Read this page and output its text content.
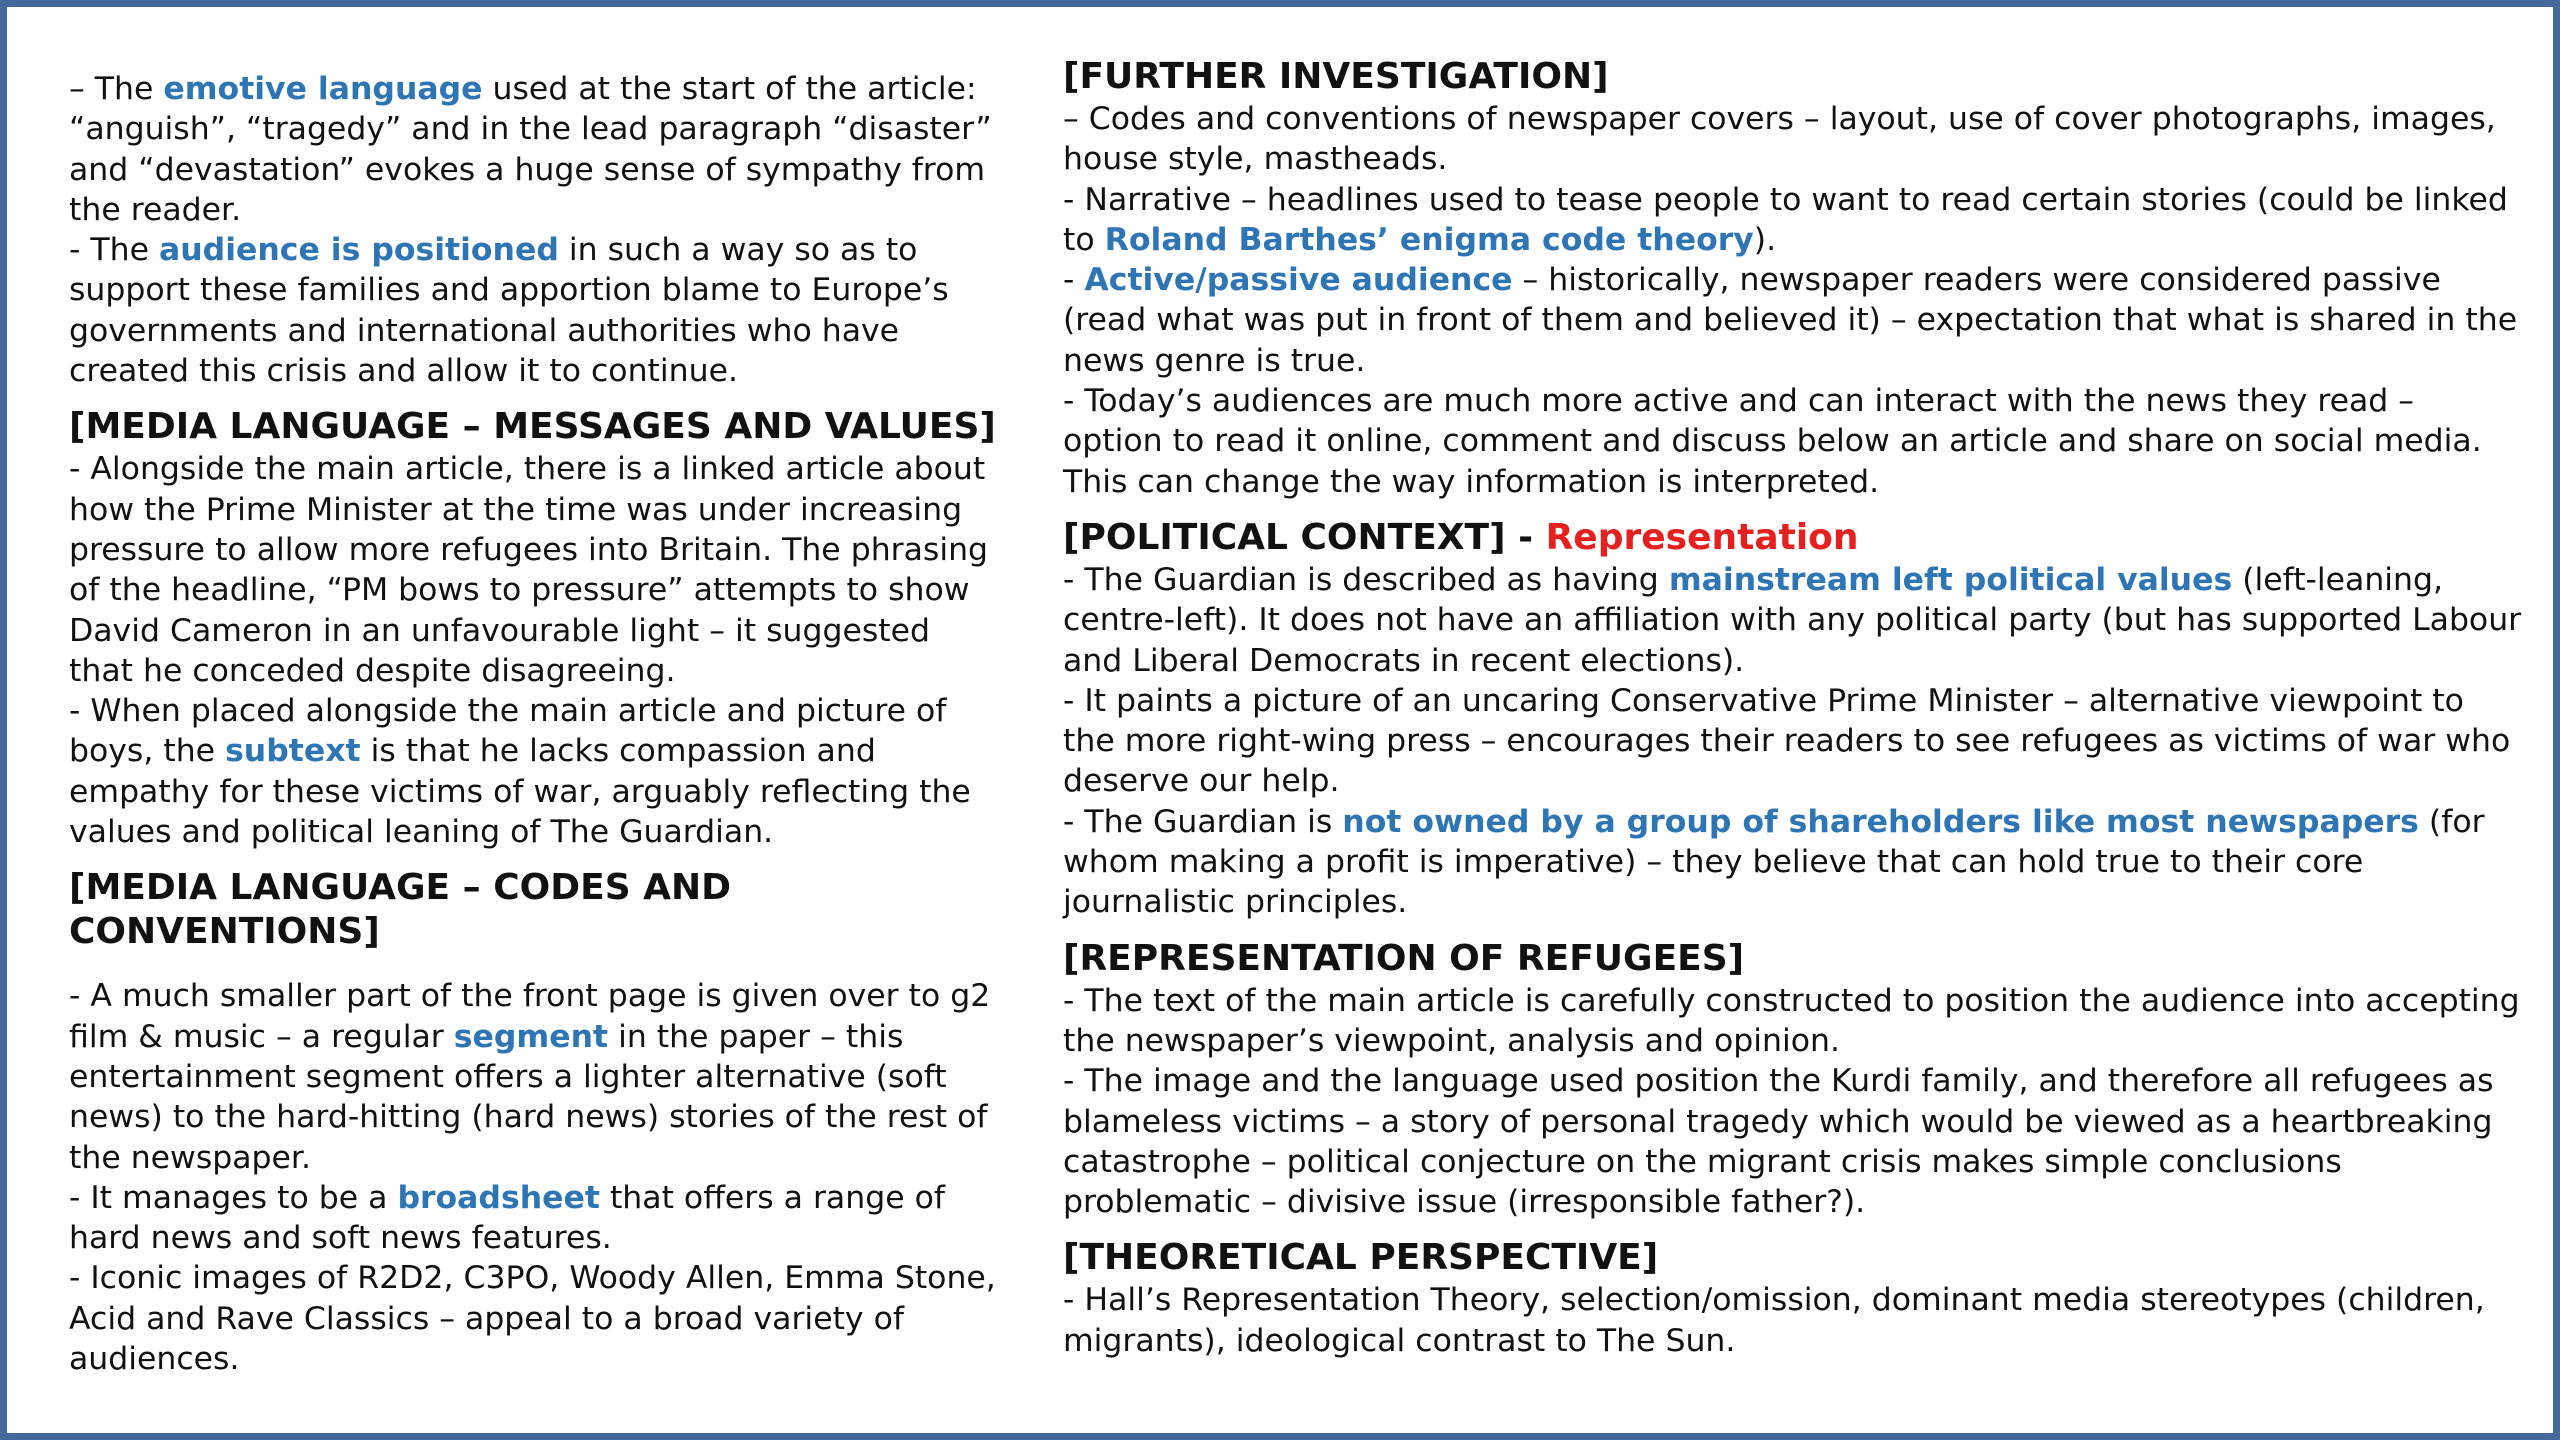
– The emotive language used at the start of the article: “anguish”, “tragedy” and in the lead paragraph “disaster” and “devastation” evokes a huge sense of sympathy from the reader.

- The audience is positioned in such a way so as to support these families and apportion blame to Europe’s governments and international authorities who have created this crisis and allow it to continue.

[MEDIA LANGUAGE – MESSAGES AND VALUES]

- Alongside the main article, there is a linked article about how the Prime Minister at the time was under increasing pressure to allow more refugees into Britain. The phrasing of the headline, “PM bows to pressure” attempts to show David Cameron in an unfavourable light – it suggested that he conceded despite disagreeing.

- When placed alongside the main article and picture of boys, the subtext is that he lacks compassion and empathy for these victims of war, arguably reflecting the values and political leaning of The Guardian.

[MEDIA LANGUAGE – CODES AND CONVENTIONS]

- A much smaller part of the front page is given over to g2 film & music – a regular segment in the paper – this entertainment segment offers a lighter alternative (soft news) to the hard-hitting (hard news) stories of the rest of the newspaper.

- It manages to be a broadsheet that offers a range of hard news and soft news features.

- Iconic images of R2D2, C3PO, Woody Allen, Emma Stone, Acid and Rave Classics – appeal to a broad variety of audiences.

[FURTHER INVESTIGATION]

– Codes and conventions of newspaper covers – layout, use of cover photographs, images, house style, mastheads.

- Narrative – headlines used to tease people to want to read certain stories (could be linked to Roland Barthes’ enigma code theory).

- Active/passive audience – historically, newspaper readers were considered passive (read what was put in front of them and believed it) – expectation that what is shared in the news genre is true.

- Today’s audiences are much more active and can interact with the news they read – option to read it online, comment and discuss below an article and share on social media. This can change the way information is interpreted.

[POLITICAL CONTEXT] - Representation

- The Guardian is described as having mainstream left political values (left-leaning, centre-left). It does not have an affiliation with any political party (but has supported Labour and Liberal Democrats in recent elections).

- It paints a picture of an uncaring Conservative Prime Minister – alternative viewpoint to the more right-wing press – encourages their readers to see refugees as victims of war who deserve our help.

- The Guardian is not owned by a group of shareholders like most newspapers (for whom making a profit is imperative) – they believe that can hold true to their core journalistic principles.

[REPRESENTATION OF REFUGEES]

- The text of the main article is carefully constructed to position the audience into accepting the newspaper’s viewpoint, analysis and opinion.

- The image and the language used position the Kurdi family, and therefore all refugees as blameless victims – a story of personal tragedy which would be viewed as a heartbreaking catastrophe – political conjecture on the migrant crisis makes simple conclusions problematic – divisive issue (irresponsible father?).

[THEORETICAL PERSPECTIVE]

- Hall’s Representation Theory, selection/omission, dominant media stereotypes (children, migrants), ideological contrast to The Sun.
